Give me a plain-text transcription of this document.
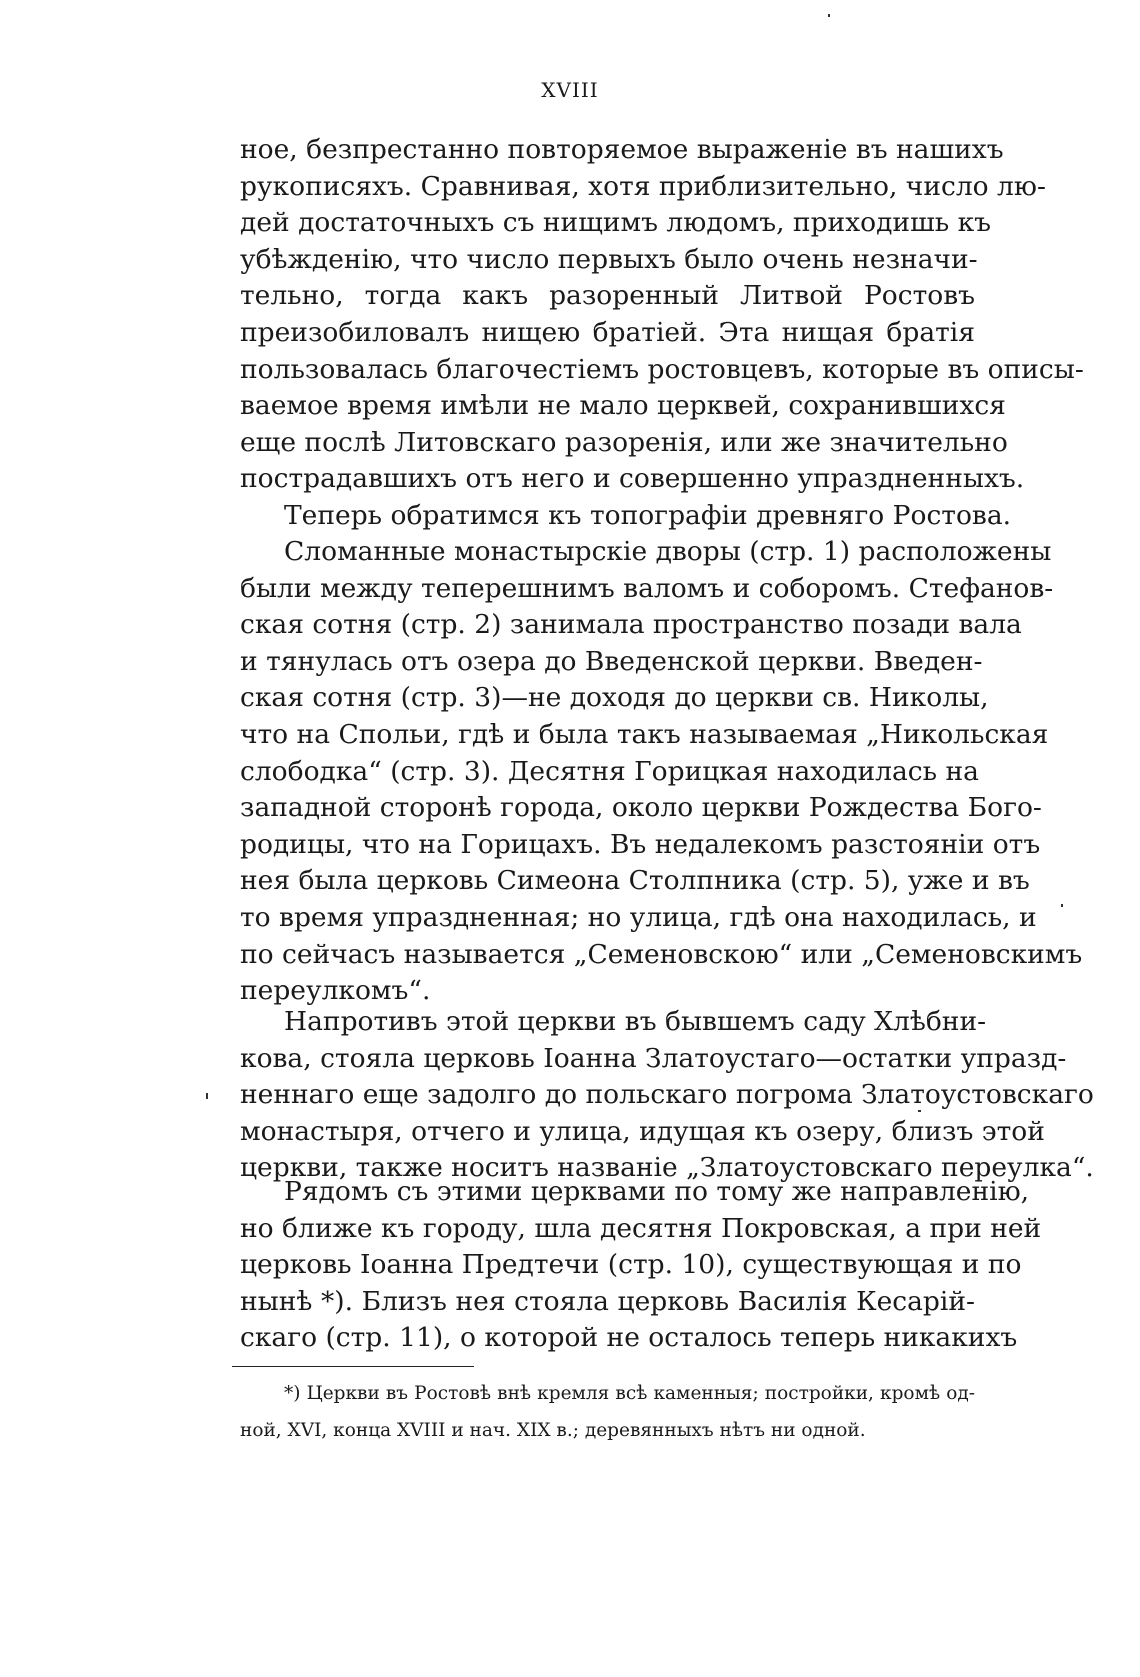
XVIII
ное, безпрестанно повторяемое выраженіе въ нашихъ
рукописяхъ. Сравнивая, хотя приблизительно, число лю-
дей достаточныхъ съ нищимъ людомъ, приходишь къ
убѣжденію, что число первыхъ было очень незначи-
тельно, тогда какъ разоренный Литвой Ростовъ
преизобиловалъ нищею братіей. Эта нищая братія
пользовалась благочестіемъ ростовцевъ, которые въ описы-
ваемое время имѣли не мало церквей, сохранившихся
еще послѣ Литовскаго разоренія, или же значительно
пострадавшихъ отъ него и совершенно упраздненныхъ.
Теперь обратимся къ топографіи древняго Ростова.
Сломанные монастырскіе дворы (стр. 1) расположены
были между теперешнимъ валомъ и соборомъ. Стефанов-
ская сотня (стр. 2) занимала пространство позади вала
и тянулась отъ озера до Введенской церкви. Введен-
ская сотня (стр. 3)—не доходя до церкви св. Николы,
что на Спольи, гдѣ и была такъ называемая „Никольская
слободка“ (стр. 3). Десятня Горицкая находилась на
западной сторонѣ города, около церкви Рождества Бого-
родицы, что на Горицахъ. Въ недалекомъ разстояніи отъ
нея была церковь Симеона Столпника (стр. 5), уже и въ
то время упраздненная; но улица, гдѣ она находилась, и
по сейчасъ называется „Семеновскою“ или „Семеновскимъ
переулкомъ“.
Напротивъ этой церкви въ бывшемъ саду Хлѣбни-
кова, стояла церковь Іоанна Златоустаго—остатки упразд-
неннаго еще задолго до польскаго погрома Златоустовскаго
монастыря, отчего и улица, идущая къ озеру, близъ этой
церкви, также носитъ названіе „Златоустовскаго переулка“.
Рядомъ съ этими церквами по тому же направленію,
но ближе къ городу, шла десятня Покровская, а при ней
церковь Іоанна Предтечи (стр. 10), существующая и по
нынѣ *). Близъ нея стояла церковь Василія Кесарій-
скаго (стр. 11), о которой не осталось теперь никакихъ
*) Церкви въ Ростовѣ внѣ кремля всѣ каменныя; постройки, кромѣ од-
ной, XVI, конца XVIII и нач. XIX в.; деревянныхъ нѣтъ ни одной.
